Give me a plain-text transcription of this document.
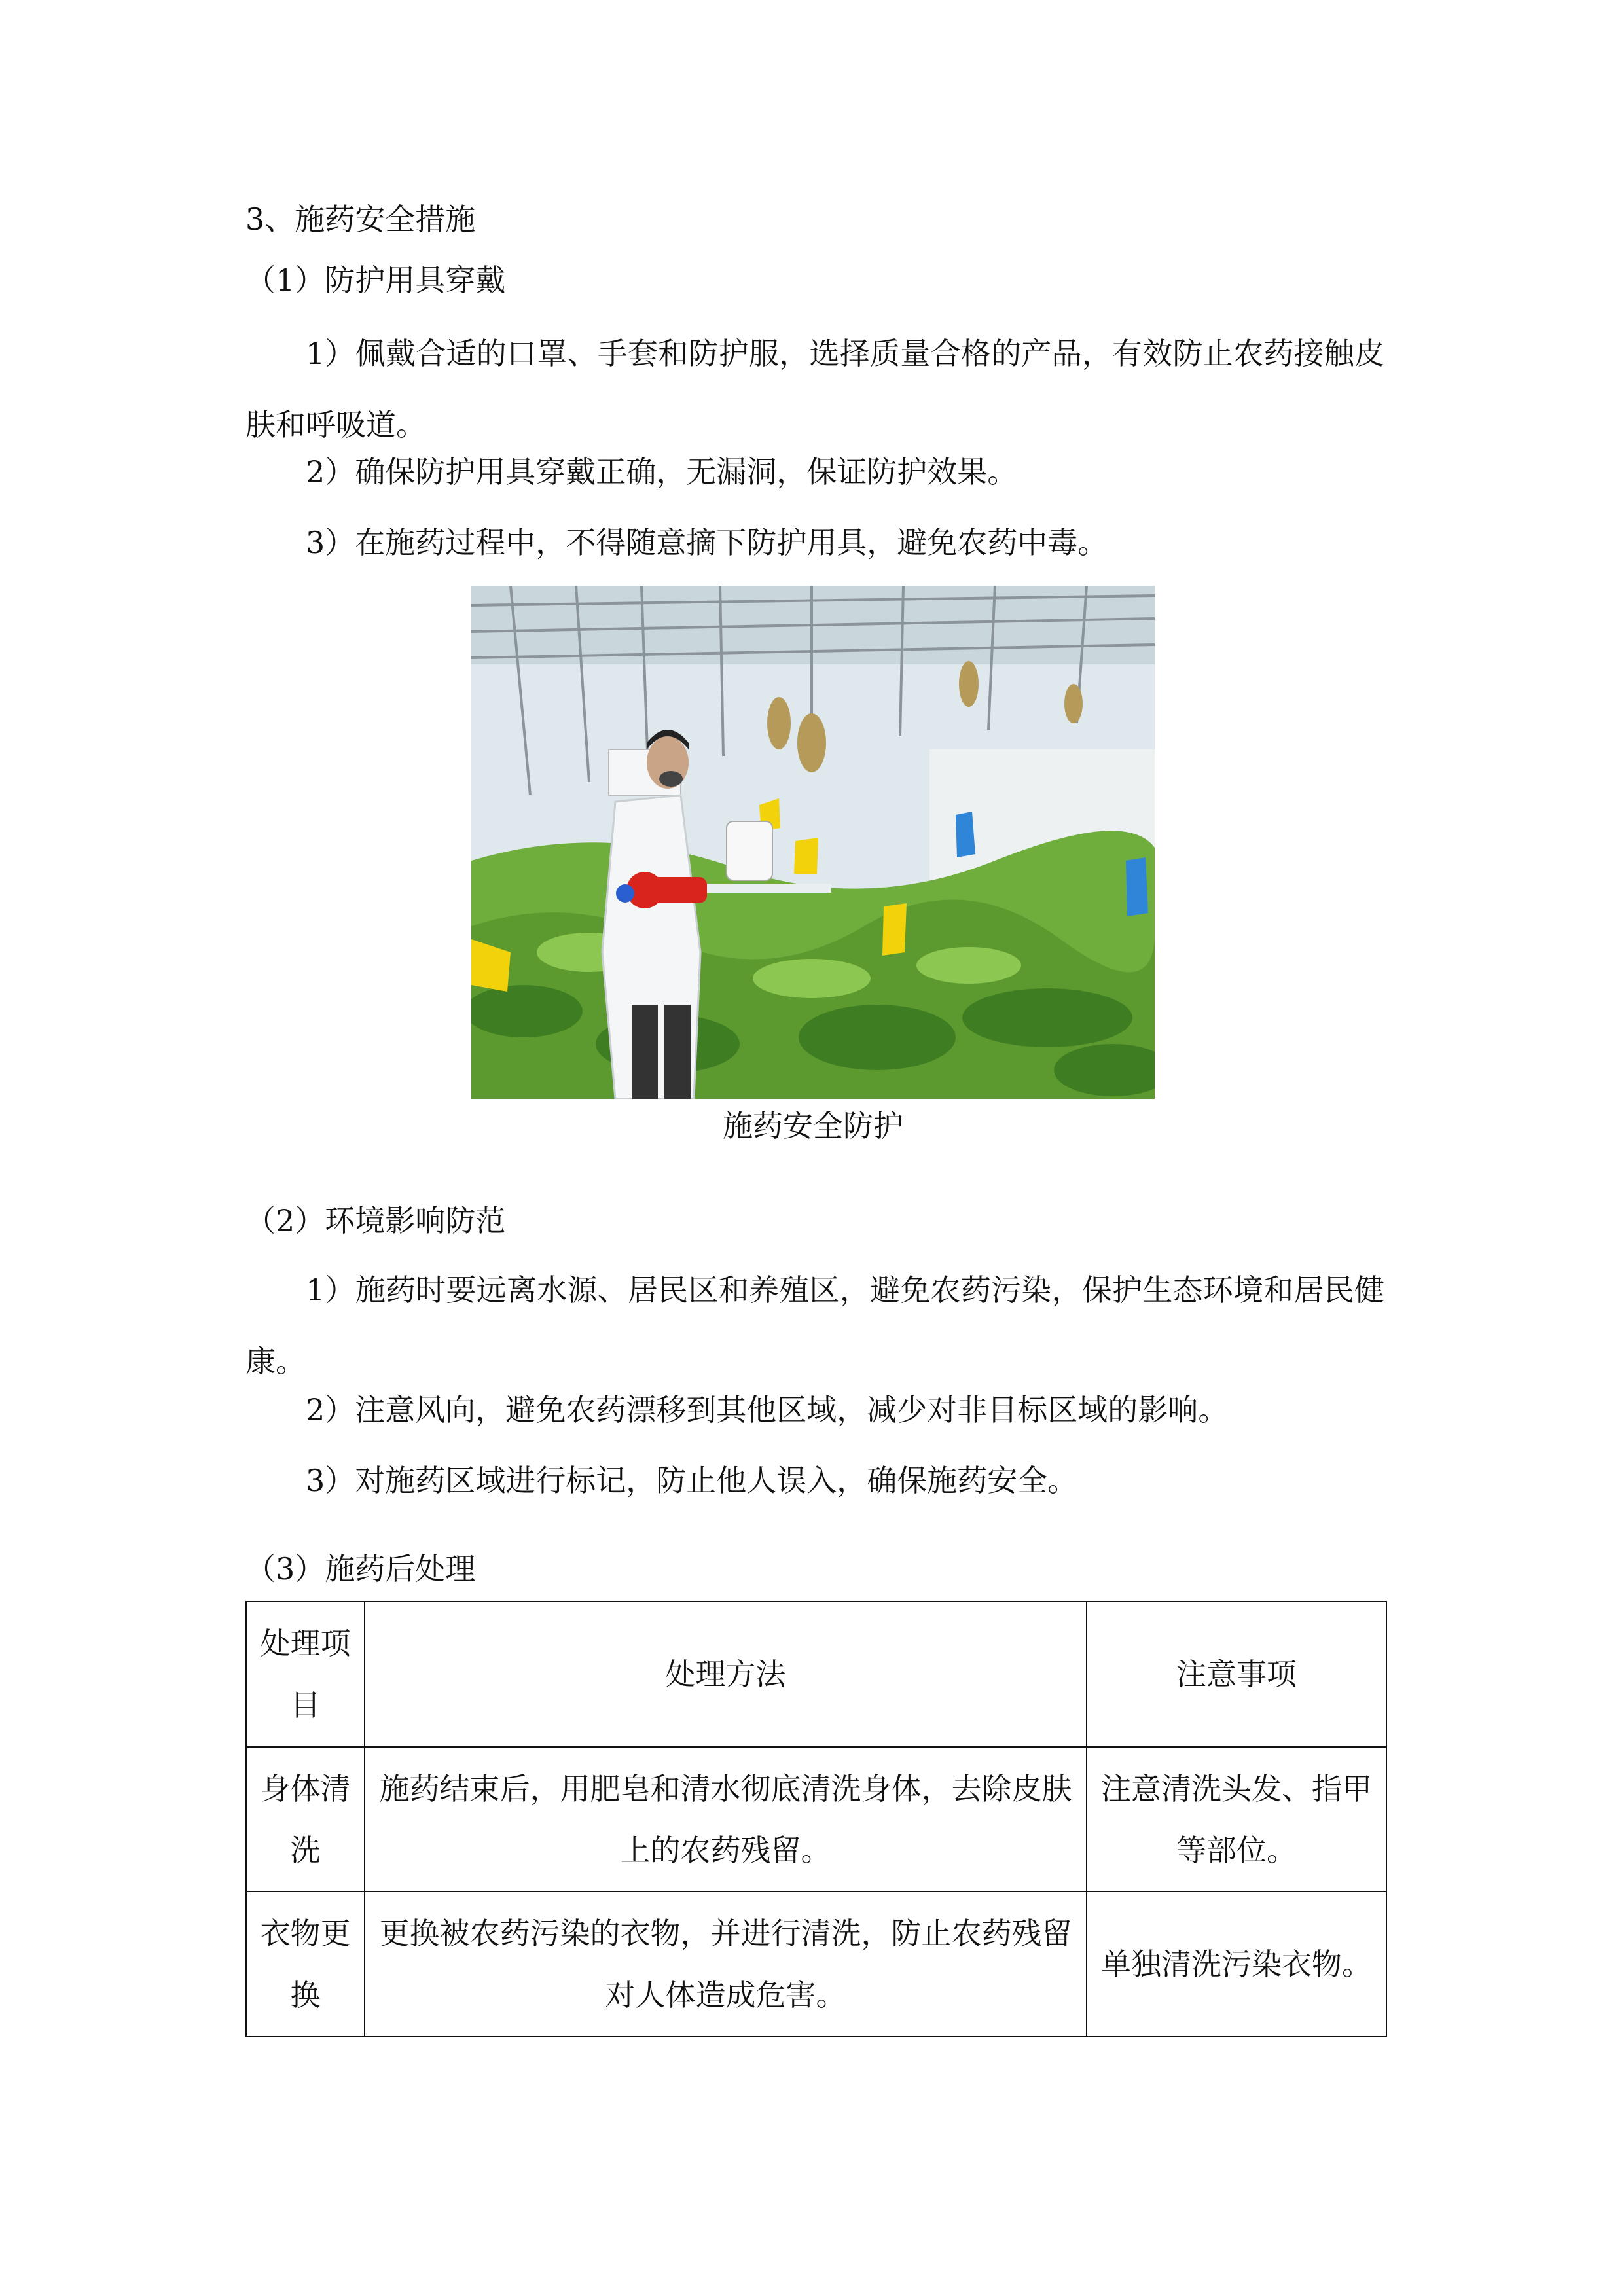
3、施药安全措施
（1）防护用具穿戴
1）佩戴合适的口罩、手套和防护服，选择质量合格的产品，有效防止农药接触皮肤和呼吸道。
2）确保防护用具穿戴正确，无漏洞，保证防护效果。
3）在施药过程中，不得随意摘下防护用具，避免农药中毒。
施药安全防护
（2）环境影响防范
1）施药时要远离水源、居民区和养殖区，避免农药污染，保护生态环境和居民健康。
2）注意风向，避免农药漂移到其他区域，减少对非目标区域的影响。
3）对施药区域进行标记，防止他人误入，确保施药安全。
（3）施药后处理
处理项目	处理方法	注意事项
身体清洗	施药结束后，用肥皂和清水彻底清洗身体，去除皮肤上的农药残留。	注意清洗头发、指甲等部位。
衣物更换	更换被农药污染的衣物，并进行清洗，防止农药残留对人体造成危害。	单独清洗污染衣物。
